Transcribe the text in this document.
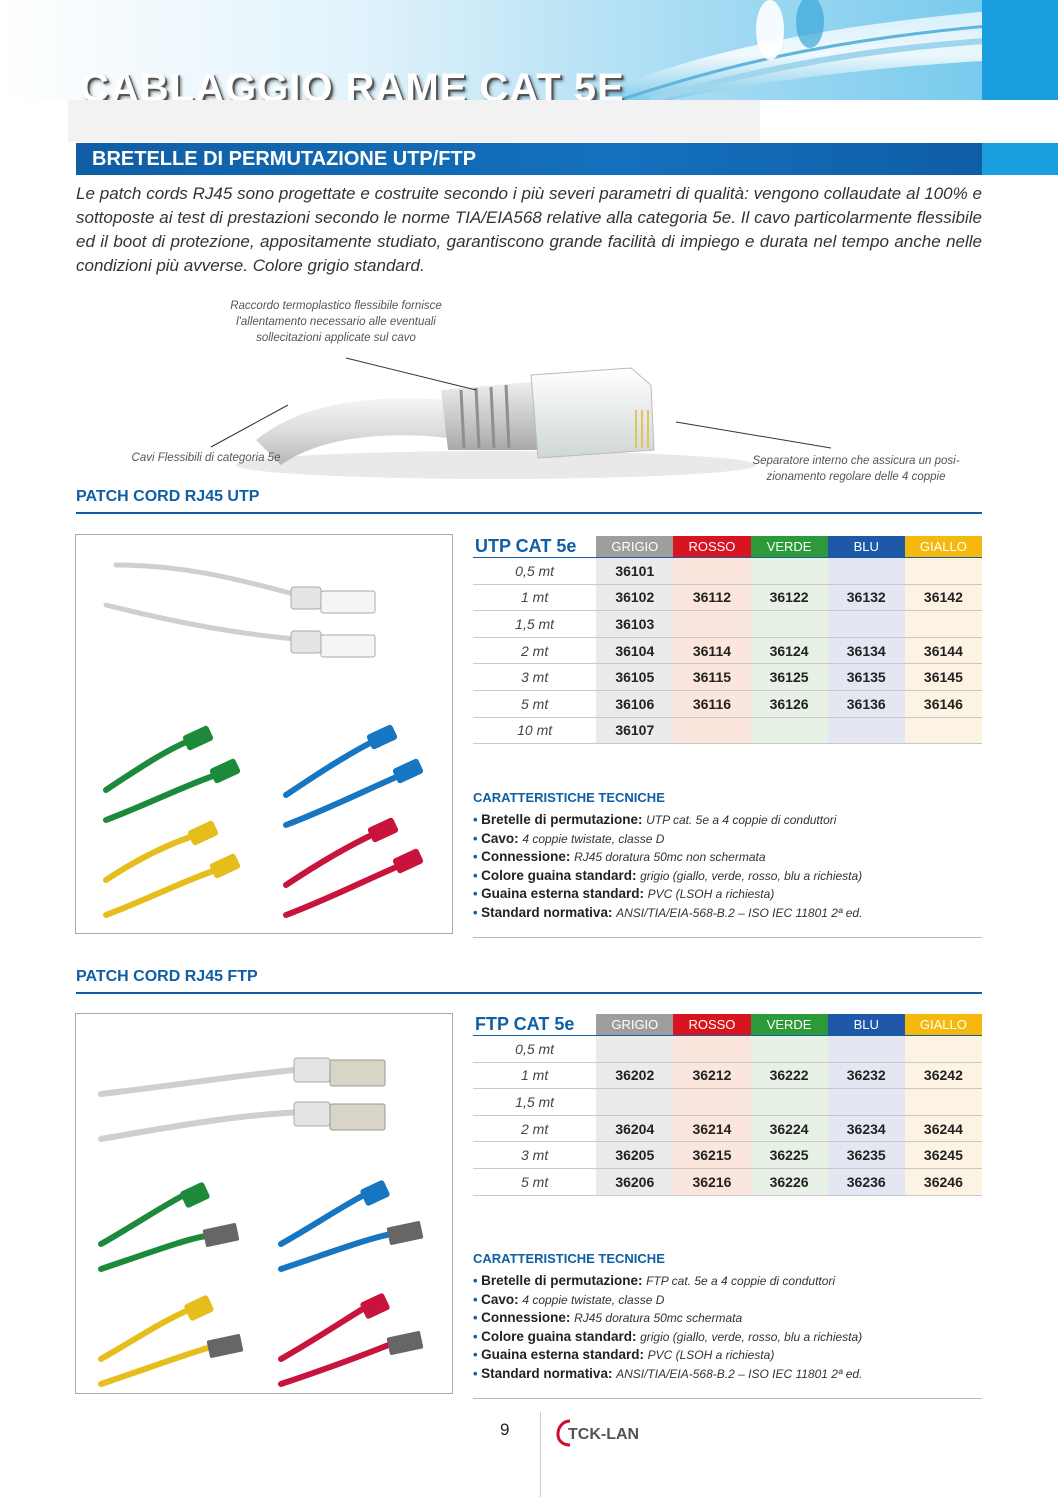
CABLAGGIO RAME CAT 5E
BRETELLE DI PERMUTAZIONE UTP/FTP

Le patch cords RJ45 sono progettate e costruite secondo i più severi parametri di qualità: vengono collaudate al 100% e sottoposte ai test di prestazioni secondo le norme TIA/EIA568 relative alla categoria 5e. Il cavo particolarmente flessibile ed il boot di protezione, appositamente studiato, garantiscono grande facilità di impiego e durata nel tempo anche nelle condizioni più avverse. Colore grigio standard.

Raccordo termoplastico flessibile fornisce
l'allentamento necessario alle eventuali
sollecitazioni applicate sul cavo
Cavi Flessibili di categoria 5e	Separatore interno che assicura un posi-
zionamento regolare delle 4 coppie
PATCH CORD RJ45 UTP
UTP CAT 5e	GRIGIO	ROSSO	VERDE	BLU	GIALLO
0,5 mt	36101				
1 mt	36102	36112	36122	36132	36142
1,5 mt	36103				
2 mt	36104	36114	36124	36134	36144
3 mt	36105	36115	36125	36135	36145
5 mt	36106	36116	36126	36136	36146
10 mt	36107				
CARATTERISTICHE TECNICHE
• Bretelle di permutazione: UTP cat. 5e a 4 coppie di conduttori
• Cavo: 4 coppie twistate, classe D
• Connessione: RJ45 doratura 50mc non schermata
• Colore guaina standard: grigio (giallo, verde, rosso, blu a richiesta)
• Guaina esterna standard: PVC (LSOH a richiesta)
• Standard normativa: ANSI/TIA/EIA-568-B.2 – ISO IEC 11801 2ª ed.
PATCH CORD RJ45 FTP
FTP CAT 5e	GRIGIO	ROSSO	VERDE	BLU	GIALLO
0,5 mt					
1 mt	36202	36212	36222	36232	36242
1,5 mt					
2 mt	36204	36214	36224	36234	36244
3 mt	36205	36215	36225	36235	36245
5 mt	36206	36216	36226	36236	36246
CARATTERISTICHE TECNICHE
• Bretelle di permutazione: FTP cat. 5e a 4 coppie di conduttori
• Cavo: 4 coppie twistate, classe D
• Connessione: RJ45 doratura 50mc schermata
• Colore guaina standard: grigio (giallo, verde, rosso, blu a richiesta)
• Guaina esterna standard: PVC (LSOH a richiesta)
• Standard normativa: ANSI/TIA/EIA-568-B.2 – ISO IEC 11801 2ª ed.
9	TCK-LAN
